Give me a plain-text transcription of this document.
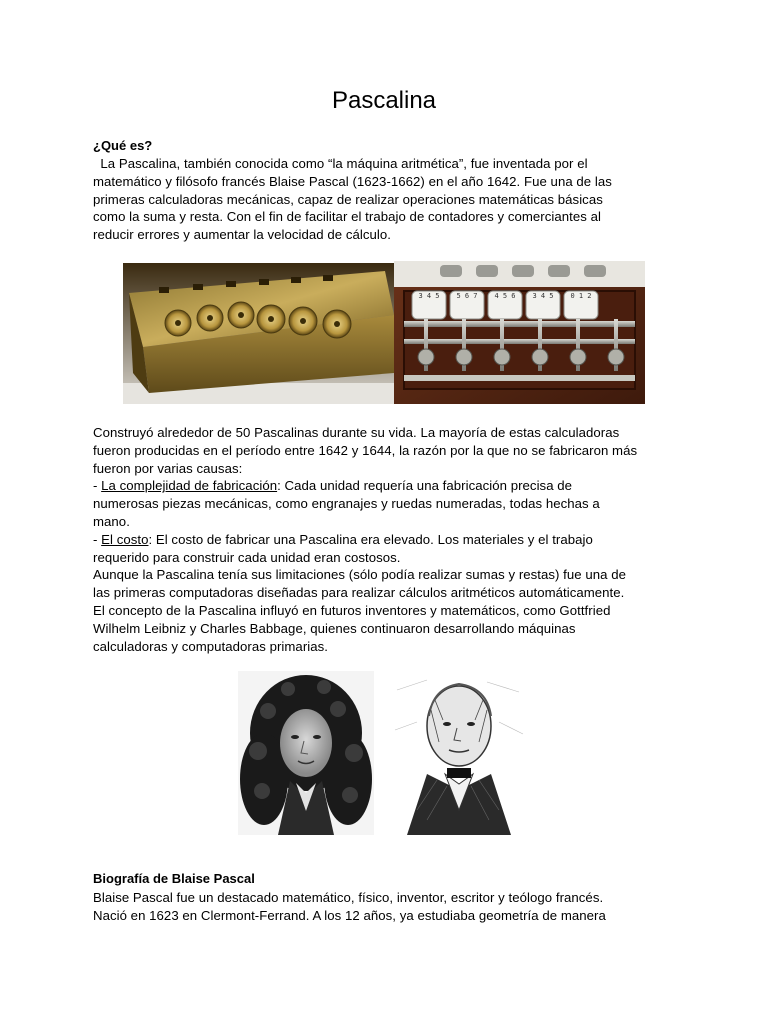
Pascalina

¿Qué es?

La Pascalina, también conocida como “la máquina aritmética”, fue inventada por el
matemático y filósofo francés Blaise Pascal (1623-1662) en el año 1642. Fue una de las
primeras calculadoras mecánicas, capaz de realizar operaciones matemáticas básicas
como la suma y resta. Con el fin de facilitar el trabajo de contadores y comerciantes al
reducir errores y aumentar la velocidad de cálculo.

3 4 5	5 6 7	4 5 6	3 4 5	0 1 2

Construyó alrededor de 50 Pascalinas durante su vida. La mayoría de estas calculadoras
fueron producidas en el período entre 1642 y 1644, la razón por la que no se fabricaron más
fueron por varias causas:
- La complejidad de fabricación: Cada unidad requería una fabricación precisa de
numerosas piezas mecánicas, como engranajes y ruedas numeradas, todas hechas a
mano.
- El costo: El costo de fabricar una Pascalina era elevado. Los materiales y el trabajo
requerido para construir cada unidad eran costosos.
Aunque la Pascalina tenía sus limitaciones (sólo podía realizar sumas y restas) fue una de
las primeras computadoras diseñadas para realizar cálculos aritméticos automáticamente.
El concepto de la Pascalina influyó en futuros inventores y matemáticos, como Gottfried
Wilhelm Leibniz y Charles Babbage, quienes continuaron desarrollando máquinas
calculadoras y computadoras primarias.

Biografía de Blaise Pascal

Blaise Pascal fue un destacado matemático, físico, inventor, escritor y teólogo francés.
Nació en 1623 en Clermont-Ferrand. A los 12 años, ya estudiaba geometría de manera
